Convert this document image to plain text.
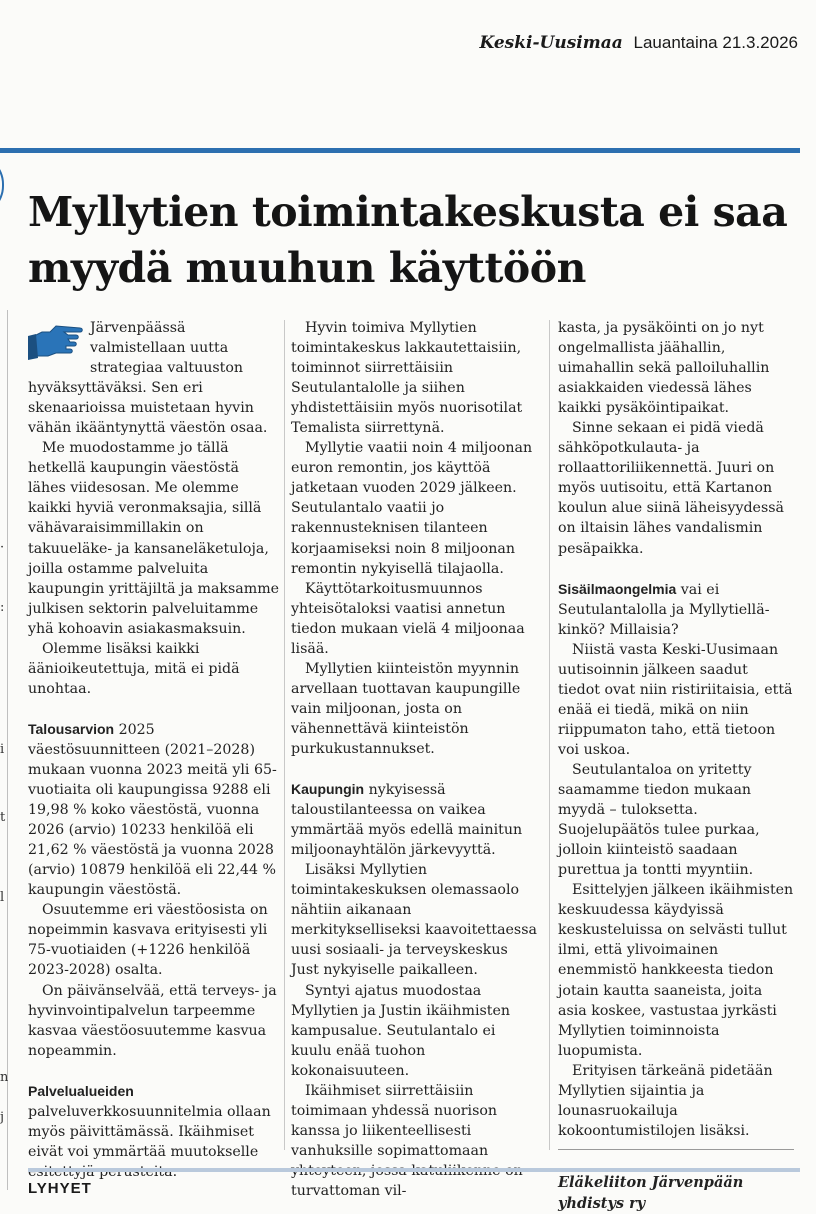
Keski-Uusimaa Lauantaina 21.3.2026
·
:
i
t
l
n
j
Myllytien toimintakeskusta ei saa myydä muuhun käyttöön

Järvenpäässä valmistellaan uutta strategiaa valtuuston hyväksyttäväksi. Sen eri skenaarioissa muistetaan hyvin vähän ikääntynyttä väestön osaa.

Me muodostamme jo tällä hetkellä kaupungin väestöstä lähes viidesosan. Me olemme kaikki hyviä veronmaksajia, sillä vähävaraisimmillakin on takuueläke- ja kansaneläketuloja, joilla ostamme palveluita kaupungin yrittäjiltä ja maksamme julkisen sektorin palveluitamme yhä kohoavin asiakasmaksuin.

Olemme lisäksi kaikki äänioikeutettuja, mitä ei pidä unohtaa.

Talousarvion 2025 väestösuunnitteen (2021–2028) mukaan vuonna 2023 meitä yli 65-vuotiaita oli kaupungissa 9288 eli 19,98 % koko väestöstä, vuonna 2026 (arvio) 10233 henkilöä eli 21,62 % väestöstä ja vuonna 2028 (arvio) 10879 henkilöä eli 22,44 % kaupungin väestöstä.

Osuutemme eri väestöosista on nopeimmin kasvava erityisesti yli 75-vuotiaiden (+1226 henkilöä 2023-2028) osalta.

On päivänselvää, että terveys- ja hyvinvointipalvelun tarpeemme kasvaa väestöosuutemme kasvua nopeammin.

Palvelualueiden palveluverkkosuunnitelmia ollaan myös päivittämässä. Ikäihmiset eivät voi ymmärtää muutokselle

Hyvin toimiva Myllytien toimintakeskus lakkautettaisiin, toiminnot siirrettäisiin Seutulantalolle ja siihen yhdistettäisiin myös nuorisotilat Temalista siirrettynä.

Myllytie vaatii noin 4 miljoonan euron remontin, jos käyttöä jatketaan vuoden 2029 jälkeen. Seutulantalo vaatii jo rakennusteknisen tilanteen korjaamiseksi noin 8 miljoonan remontin nykyisellä tilajaolla.

Käyttötarkoitusmuunnos yhteisötaloksi vaatisi annetun tiedon mukaan vielä 4 miljoonaa lisää.

Myllytien kiinteistön myynnin arvellaan tuottavan kaupungille vain miljoonan, josta on vähennettävä kiinteistön purkukustannukset.

Kaupungin nykyisessä taloustilanteessa on vaikea ymmärtää myös edellä mainitun miljoonayhtälön järkevyyttä.

Lisäksi Myllytien toimintakeskuksen olemassaolo nähtiin aikanaan merkitykselliseksi kaavoitettaessa uusi sosiaali- ja terveyskeskus Just nykyiselle paikalleen.

Syntyi ajatus muodostaa Myllytien ja Justin ikäihmisten kampusalue. Seutulantalo ei kuulu enää tuohon kokonaisuuteen.

Ikäihmiset siirrettäisiin toimimaan yhdessä nuorison kanssa jo liikenteellisesti vanhuksille sopimattomaan turvattoman vil-

kasta, ja pysäköinti on jo nyt ongelmallista jäähallin, uimahallin sekä palloiluhallin asiakkaiden viedessä lähes kaikki pysäköintipaikat.

Sinne sekaan ei pidä viedä sähköpotkulauta- ja rollaattoriliikennettä. Juuri on myös uutisoitu, että Kartanon koulun alue siinä läheisyydessä on iltaisin lähes vandalismin pesäpaikka.

Sisäilmaongelmia vai ei Seutulantalolla ja Myllytielläkinkö? Millaisia?

Niistä vasta Keski-Uusimaan uutisoinnin jälkeen saadut tiedot ovat niin ristiriitaisia, että enää ei tiedä, mikä on niin riippumaton taho, että tietoon voi uskoa.

Seutulantaloa on yritetty saamamme tiedon mukaan myydä – tuloksetta. Suojelupäätös tulee purkaa, jolloin kiinteistö saadaan purettua ja tontti myyntiin.

Esittelyjen jälkeen ikäihmisten keskuudessa käydyissä keskusteluissa on selvästi tullut ilmi, että ylivoimainen enemmistö hankkeesta tiedon jotain kautta saaneista, joita asia koskee, vastustaa jyrkästi Myllytien toiminnoista luopumista.

Erityisen tärkeänä pidetään Myllytien sijaintia ja lounasruokailuja kokoontumistilojen lisäksi.

Eläkeliiton Järvenpään yhdistys ry
LYHYET
